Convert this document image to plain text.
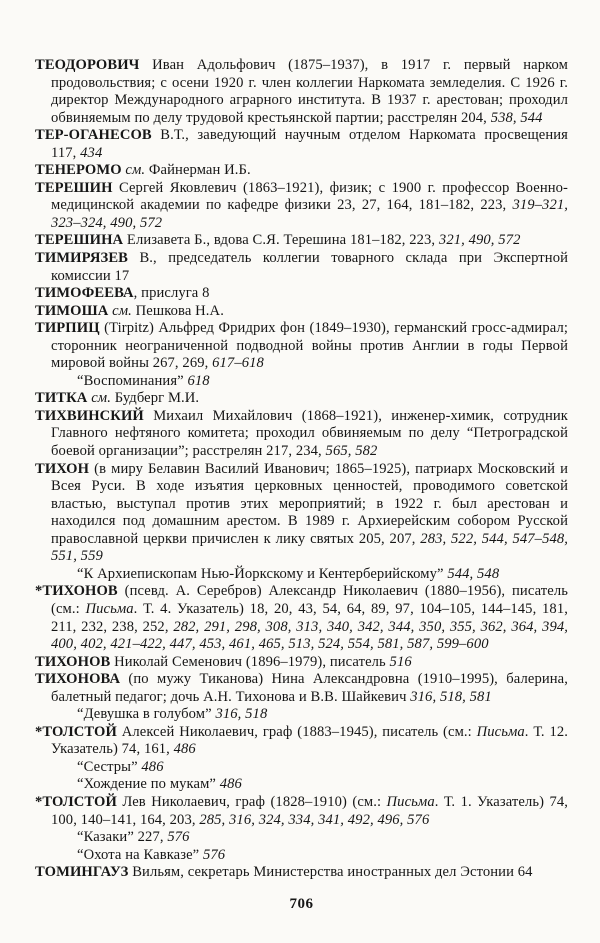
ТЕОДОРОВИЧ Иван Адольфович (1875–1937), в 1917 г. первый нарком продовольствия; с осени 1920 г. член коллегии Наркомата земледелия. С 1926 г. директор Международного аграрного института. В 1937 г. арестован; проходил обвиняемым по делу трудовой крестьянской партии; расстрелян 204, 538, 544

ТЕР-ОГАНЕСОВ В.Т., заведующий научным отделом Наркомата просвещения 117, 434

ТЕНЕРОМО см. Файнерман И.Б.

ТЕРЕШИН Сергей Яковлевич (1863–1921), физик; с 1900 г. профессор Военно-медицинской академии по кафедре физики 23, 27, 164, 181–182, 223, 319–321, 323–324, 490, 572

ТЕРЕШИНА Елизавета Б., вдова С.Я. Терешина 181–182, 223, 321, 490, 572

ТИМИРЯЗЕВ В., председатель коллегии товарного склада при Экспертной комиссии 17

ТИМОФЕЕВА, прислуга 8

ТИМОША см. Пешкова Н.А.

ТИРПИЦ (Tirpitz) Альфред Фридрих фон (1849–1930), германский гросс-адмирал; сторонник неограниченной подводной войны против Англии в годы Первой мировой войны 267, 269, 617–618

“Воспоминания” 618

ТИТКА см. Будберг М.И.

ТИХВИНСКИЙ Михаил Михайлович (1868–1921), инженер-химик, сотрудник Главного нефтяного комитета; проходил обвиняемым по делу “Петроградской боевой организации”; расстрелян 217, 234, 565, 582

ТИХОН (в миру Белавин Василий Иванович; 1865–1925), патриарх Московский и Всея Руси. В ходе изъятия церковных ценностей, проводимого советской властью, выступал против этих мероприятий; в 1922 г. был арестован и находился под домашним арестом. В 1989 г. Архиерейским собором Русской православной церкви причислен к лику святых 205, 207, 283, 522, 544, 547–548, 551, 559

“К Архиепископам Нью-Йоркскому и Кентерберийскому” 544, 548

*ТИХОНОВ (псевд. А. Серебров) Александр Николаевич (1880–1956), писатель (см.: Письма. Т. 4. Указатель) 18, 20, 43, 54, 64, 89, 97, 104–105, 144–145, 181, 211, 232, 238, 252, 282, 291, 298, 308, 313, 340, 342, 344, 350, 355, 362, 364, 394, 400, 402, 421–422, 447, 453, 461, 465, 513, 524, 554, 581, 587, 599–600

ТИХОНОВ Николай Семенович (1896–1979), писатель 516

ТИХОНОВА (по мужу Тиканова) Нина Александровна (1910–1995), балерина, балетный педагог; дочь А.Н. Тихонова и В.В. Шайкевич 316, 518, 581

“Девушка в голубом” 316, 518

*ТОЛСТОЙ Алексей Николаевич, граф (1883–1945), писатель (см.: Письма. Т. 12. Указатель) 74, 161, 486

“Сестры” 486

“Хождение по мукам” 486

*ТОЛСТОЙ Лев Николаевич, граф (1828–1910) (см.: Письма. Т. 1. Указатель) 74, 100, 140–141, 164, 203, 285, 316, 324, 334, 341, 492, 496, 576

“Казаки” 227, 576

“Охота на Кавказе” 576

ТОМИНГАУЗ Вильям, секретарь Министерства иностранных дел Эстонии 64

706
